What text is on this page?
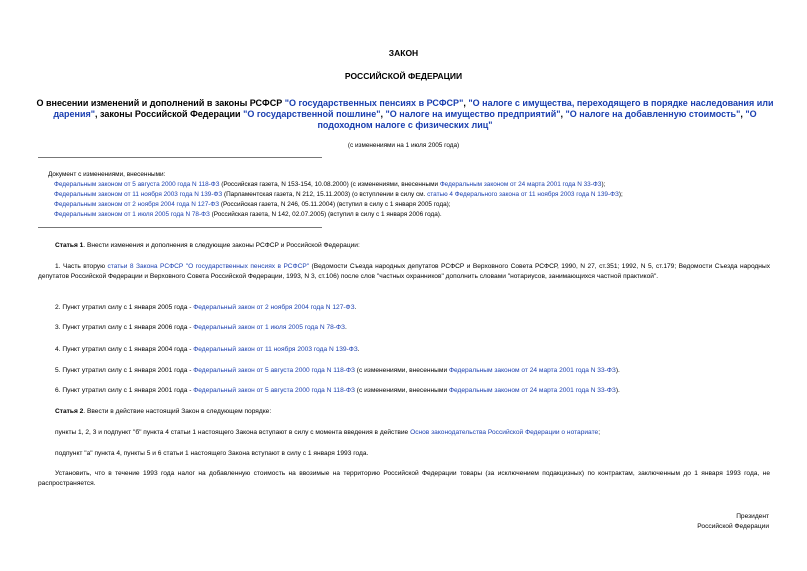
ЗАКОН
РОССИЙСКОЙ ФЕДЕРАЦИИ
О внесении изменений и дополнений в законы РСФСР "О государственных пенсиях в РСФСР", "О налоге с имущества, переходящего в порядке наследования или дарения", законы Российской Федерации "О государственной пошлине", "О налоге на имущество предприятий", "О налоге на добавленную стоимость", "О подоходном налоге с физических лиц"
(с изменениями на 1 июля 2005 года)
Документ с изменениями, внесенными:
Федеральным законом от 5 августа 2000 года N 118-ФЗ (Российская газета, N 153-154, 10.08.2000) (с изменениями, внесенными Федеральным законом от 24 марта 2001 года N 33-ФЗ);
Федеральным законом от 11 ноября 2003 года N 139-ФЗ (Парламентская газета, N 212, 15.11.2003) (о вступлении в силу см. статью 4 Федерального закона от 11 ноября 2003 года N 139-ФЗ);
Федеральным законом от 2 ноября 2004 года N 127-ФЗ (Российская газета, N 246, 05.11.2004) (вступил в силу с 1 января 2005 года);
Федеральным законом от 1 июля 2005 года N 78-ФЗ (Российская газета, N 142, 02.07.2005) (вступил в силу с 1 января 2006 года).
Статья 1. Внести изменения и дополнения в следующие законы РСФСР и Российской Федерации:
1. Часть вторую статьи 8 Закона РСФСР "О государственных пенсиях в РСФСР" (Ведомости Съезда народных депутатов РСФСР и Верховного Совета РСФСР, 1990, N 27, ст.351; 1992, N 5, ст.179; Ведомости Съезда народных депутатов Российской Федерации и Верховного Совета Российской Федерации, 1993, N 3, ст.106) после слов "частных охранников" дополнить словами "нотариусов, занимающихся частной практикой".
2. Пункт утратил силу с 1 января 2005 года - Федеральный закон от 2 ноября 2004 года N 127-ФЗ.
3. Пункт утратил силу с 1 января 2006 года - Федеральный закон от 1 июля 2005 года N 78-ФЗ.
4. Пункт утратил силу с 1 января 2004 года - Федеральный закон от 11 ноября 2003 года N 139-ФЗ.
5. Пункт утратил силу с 1 января 2001 года - Федеральный закон от 5 августа 2000 года N 118-ФЗ (с изменениями, внесенными Федеральным законом от 24 марта 2001 года N 33-ФЗ).
6. Пункт утратил силу с 1 января 2001 года - Федеральный закон от 5 августа 2000 года N 118-ФЗ (с изменениями, внесенными Федеральным законом от 24 марта 2001 года N 33-ФЗ).
Статья 2. Ввести в действие настоящий Закон в следующем порядке:
пункты 1, 2, 3 и подпункт "б" пункта 4 статьи 1 настоящего Закона вступают в силу с момента введения в действие Основ законодательства Российской Федерации о нотариате;
подпункт "а" пункта 4, пункты 5 и 6 статьи 1 настоящего Закона вступают в силу с 1 января 1993 года.
Установить, что в течение 1993 года налог на добавленную стоимость на ввозимые на территорию Российской Федерации товары (за исключением подакцизных) по контрактам, заключенным до 1 января 1993 года, не распространяется.
Президент
Российской Федерации
